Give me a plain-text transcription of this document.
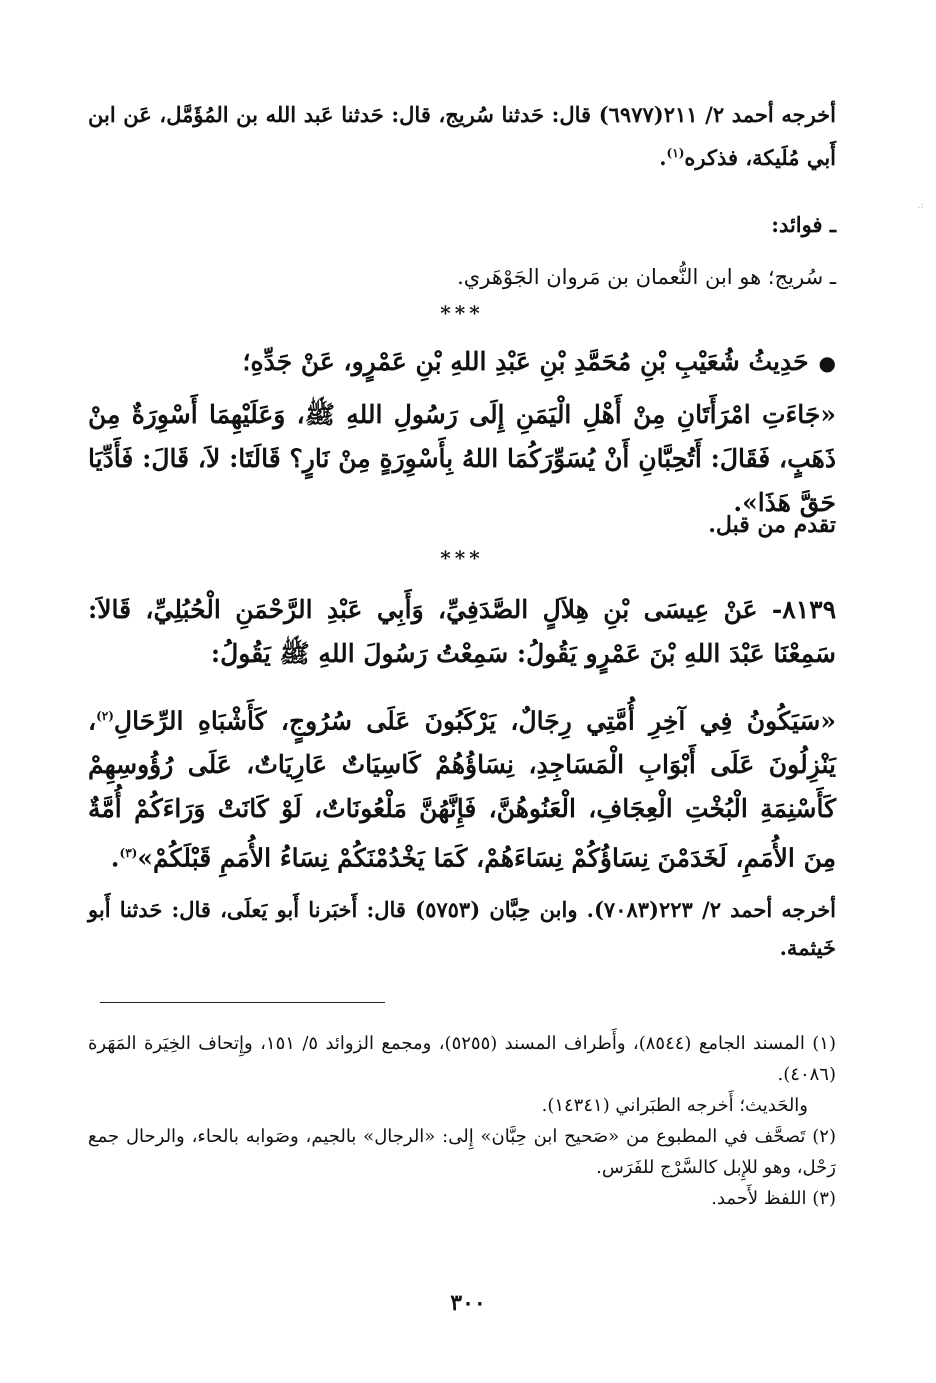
أخرجه أحمد ٢/ ٢١١(٦٩٧٧) قال: حَدثنا سُريج، قال: حَدثنا عَبد الله بن المُؤَمَّل، عَن ابن أَبي مُلَيكة، فذكره$^{(١)}$.

ـ فوائد:

ـ سُريج؛ هو ابن النُّعمان بن مَروان الجَوْهَري.

***

●حَدِيثُ شُعَيْبِ بْنِ مُحَمَّدِ بْنِ عَبْدِ اللهِ بْنِ عَمْرٍو، عَنْ جَدِّهِ؛

«جَاءَتِ امْرَأَتَانِ مِنْ أَهْلِ الْيَمَنِ إِلَى رَسُولِ اللهِ ﷺ، وَعَلَيْهِمَا أَسْوِرَةٌ مِنْ ذَهَبٍ، فَقَالَ: أَتُحِبَّانِ أَنْ يُسَوِّرَكُمَا اللهُ بِأَسْوِرَةٍ مِنْ نَارٍ؟ قَالَتَا: لاَ، قَالَ: فَأَدِّيَا حَقَّ هَذَا».

تقدم من قبل.

***

٨١٣٩- عَنْ عِيسَى بْنِ هِلاَلٍ الصَّدَفِيِّ، وَأَبِي عَبْدِ الرَّحْمَنِ الْحُبُلِيِّ، قَالاَ: سَمِعْنَا عَبْدَ اللهِ بْنَ عَمْرٍو يَقُولُ: سَمِعْتُ رَسُولَ اللهِ ﷺ يَقُولُ:

«سَيَكُونُ فِي آخِرِ أُمَّتِي رِجَالٌ، يَرْكَبُونَ عَلَى سُرُوجٍ، كَأَشْبَاهِ الرِّحَالِ$^{(٢)}$، يَنْزِلُونَ عَلَى أَبْوَابِ الْمَسَاجِدِ، نِسَاؤُهُمْ كَاسِيَاتٌ عَارِيَاتٌ، عَلَى رُؤُوسِهِمْ كَأَسْنِمَةِ الْبُخْتِ الْعِجَافِ، الْعَنُوهُنَّ، فَإِنَّهُنَّ مَلْعُونَاتٌ، لَوْ كَانَتْ وَرَاءَكُمْ أُمَّةٌ مِنَ الأُمَمِ، لَخَدَمْنَ نِسَاؤُكُمْ نِسَاءَهُمْ، كَمَا يَخْدُمْنَكُمْ نِسَاءُ الأُمَمِ قَبْلَكُمْ»$^{(٣)}$.

أخرجه أحمد ٢/ ٢٢٣(٧٠٨٣). وابن حِبَّان (٥٧٥٣) قال: أَخبَرنا أَبو يَعلَى، قال: حَدثنا أَبو خَيثمة.

(١) المسند الجامع (٨٥٤٤)، وأَطراف المسند (٥٢٥٥)، ومجمع الزوائد ٥/ ١٥١، وإِتحاف الخِيَرة المَهَرة (٤٠٨٦).

والحَديث؛ أَخرجه الطبَراني (١٤٣٤١).

(٢) تَصحَّف في المطبوع من «صَحيح ابن حِبَّان» إِلى: «الرجال» بالجيم، وصَوابه بالحاء، والرحال جمع رَحْل، وهو للإِبل كالسَّرْج للفَرَس.

(٣) اللفظ لأَحمد.

٣٠٠
.:
